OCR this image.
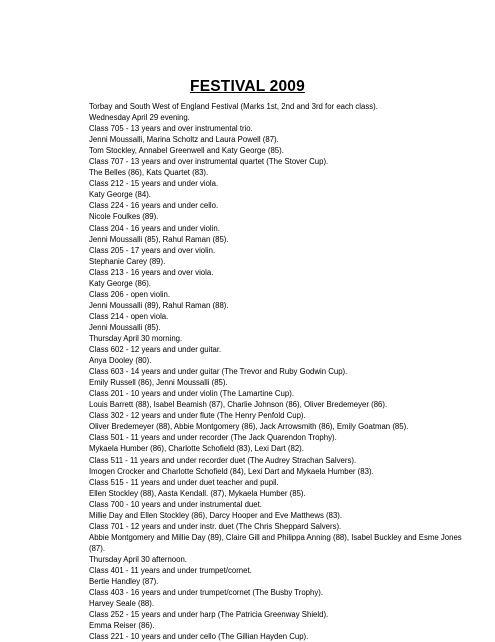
FESTIVAL 2009

Torbay and South West of England Festival (Marks 1st, 2nd and 3rd for each class).

Wednesday April 29 evening.

Class 705 - 13 years and over instrumental trio.

Jenni Moussalli, Marina Scholtz and Laura Powell (87).

Tom Stockley, Annabel Greenwell and Katy George (85).

Class 707 - 13 years and over instrumental quartet (The Stover Cup).

The Belles (86), Kats Quartet (83).

Class 212 - 15 years and under viola.

Katy George (84).

Class 224 - 16 years and under cello.

Nicole Foulkes (89).

Class 204 - 16 years and under violin.

Jenni Moussalli (85), Rahul Raman (85).

Class 205 - 17 years and over violin.

Stephanie Carey (89).

Class 213 - 16 years and over viola.

Katy George (86).

Class 206 - open violin.

Jenni Moussalli (89), Rahul Raman (88).

Class 214 - open viola.

Jenni Moussalli (85).

Thursday April 30 morning.

Class 602 - 12 years and under guitar.

Anya Dooley (80).

Class 603 - 14 years and under guitar (The Trevor and Ruby Godwin Cup).

Emily Russell (86), Jenni Moussalli (85).

Class 201 - 10 years and under violin (The Lamartine Cup).

Louis Barrett (88), Isabel Beamish (87), Charlie Johnson (86), Oliver Bredemeyer (86).

Class 302 - 12 years and under flute (The Henry Penfold Cup).

Oliver Bredemeyer (88), Abbie Montgomery (86), Jack Arrowsmith (86), Emily Goatman (85).

Class 501 - 11 years and under recorder (The Jack Quarendon Trophy).

Mykaela Humber (86), Charlotte Schofield (83), Lexi Dart (82).

Class 511 - 11 years and under recorder duet (The Audrey Strachan Salvers).

Imogen Crocker and Charlotte Schofield (84), Lexi Dart and Mykaela Humber (83).

Class 515 - 11 years and under duet teacher and pupil.

Ellen Stockley (88), Aasta Kendall. (87), Mykaela Humber (85).

Class 700 - 10 years and under instrumental duet.

Millie Day and Ellen Stockley (86), Darcy Hooper and Eve Matthews (83).

Class 701 - 12 years and under instr. duet (The Chris Sheppard Salvers).

Abbie Montgomery and Millie Day (89), Claire Gill and Philippa Anning (88), Isabel Buckley and Esme Jones (87).

Thursday April 30 afternoon.

Class 401 - 11 years and under trumpet/cornet.

Bertie Handley (87).

Class 403 - 16 years and under trumpet/cornet (The Busby Trophy).

Harvey Seale (88).

Class 252 - 15 years and under harp (The Patricia Greenway Shield).

Emma Reiser (86).

Class 221 - 10 years and under cello (The Gillian Hayden Cup).
